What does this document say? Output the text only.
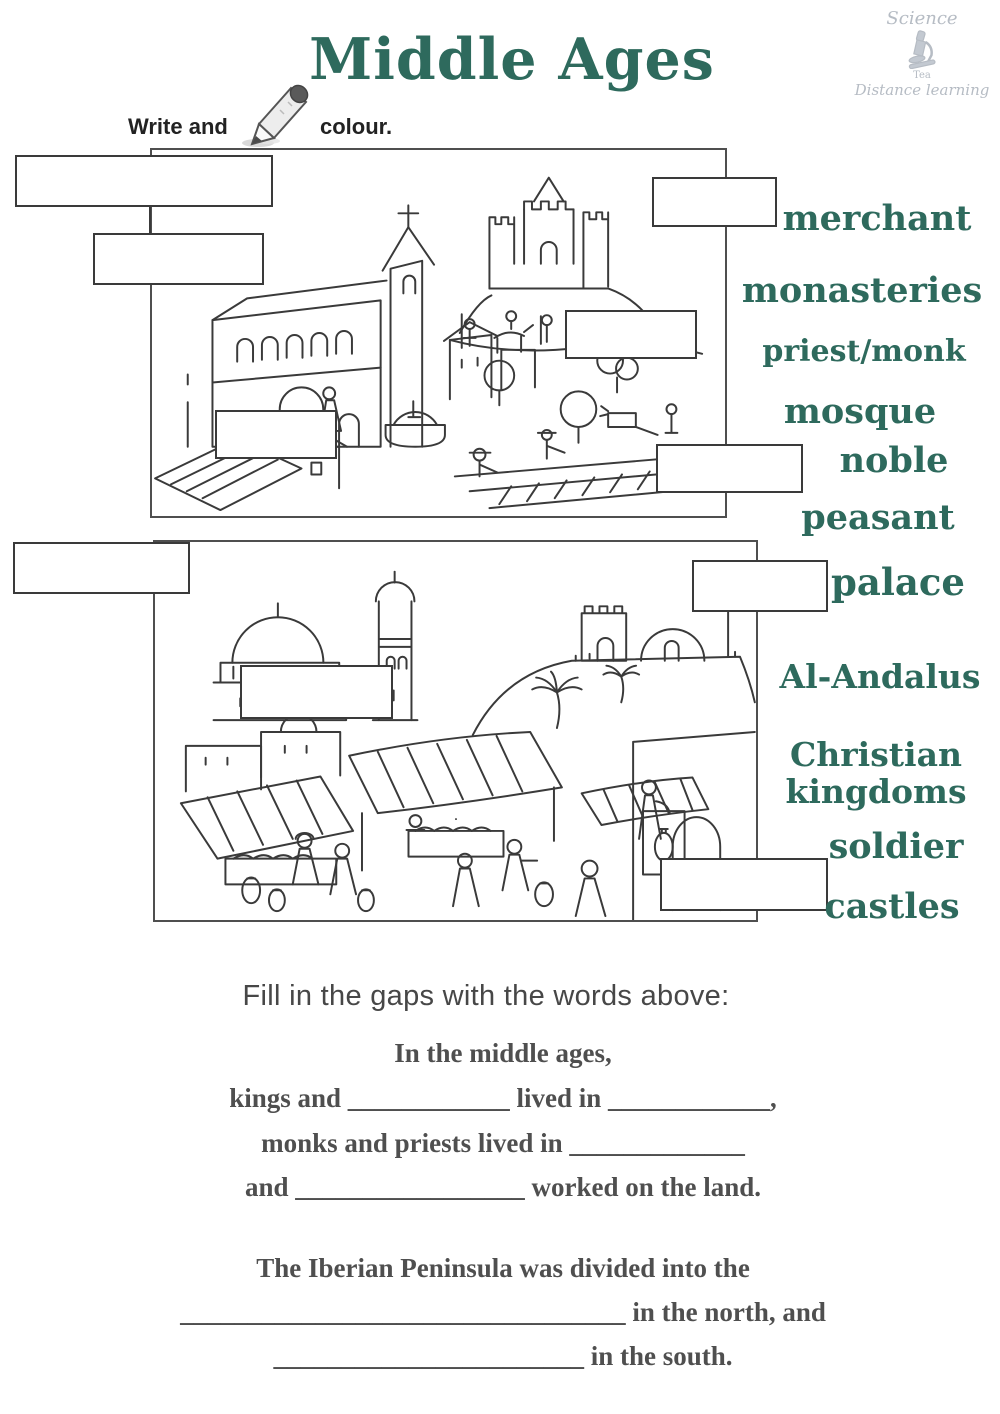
Middle Ages
Write and	colour.
Science
Tea
Distance learning
merchant
monasteries
priest/monk
mosque
noble
peasant
palace
Al-Andalus
Christian kingdoms
soldier
castles
Fill in the gaps with the words above:
In the middle ages,
kings and ____________ lived in ____________,
monks and priests lived in _____________
and _________________ worked on the land.
The Iberian Peninsula was divided into the
_________________________________ in the north, and
_______________________ in the south.
